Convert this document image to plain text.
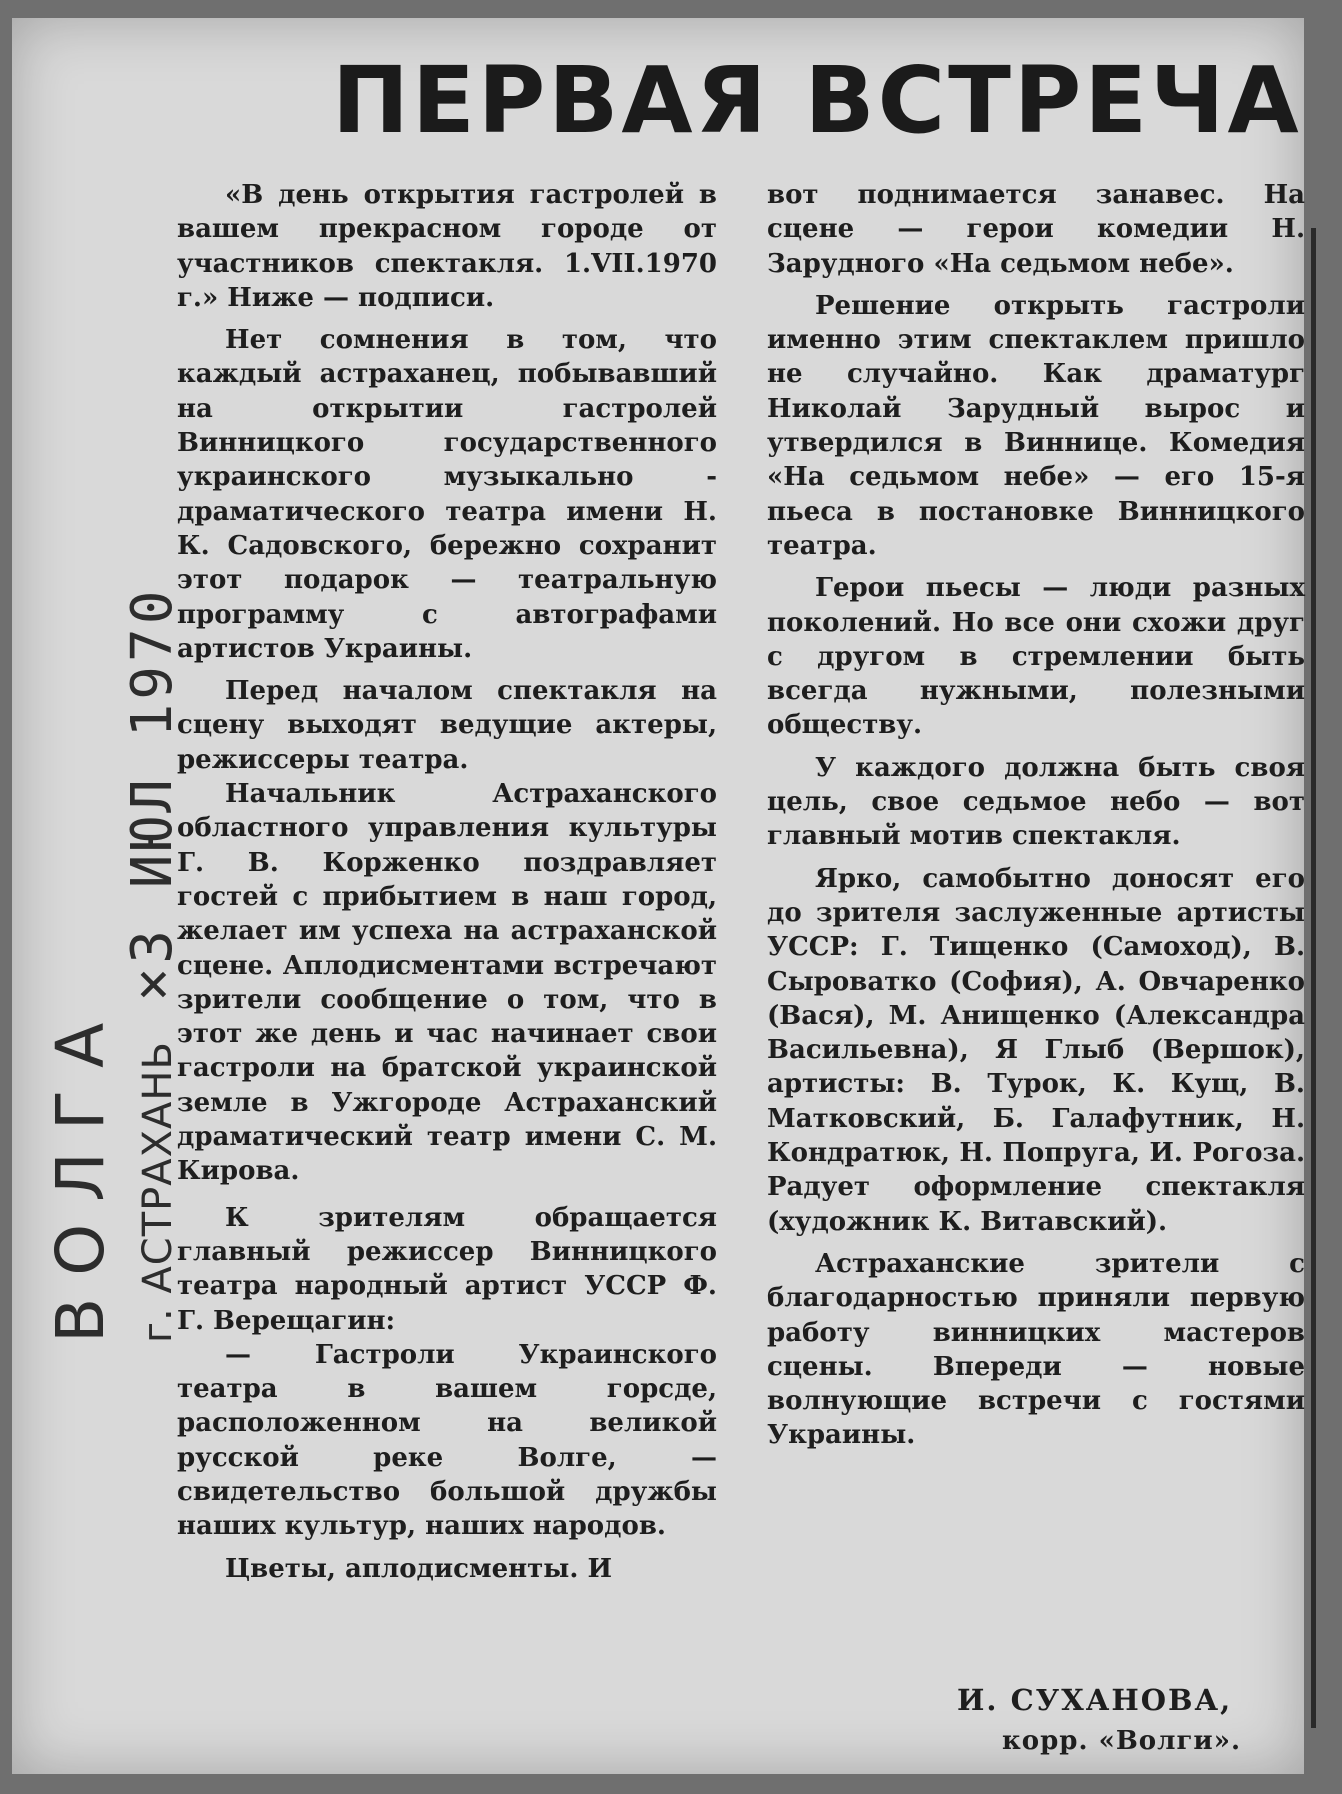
ПЕРВАЯ ВСТРЕЧА
ВОЛГА г. АСТРАХАНЬ ×3 ИЮЛ 1970

«В день открытия гастролей в вашем прекрасном городе от участников спектакля. 1.VII.1970 г.» Ниже — подписи.

Нет сомнения в том, что каждый астраханец, побывавший на открытии гастролей Винницкого государственного украинского музыкально - драматического театра имени Н. К. Садовского, бережно сохранит этот подарок — театральную программу с автографами артистов Украины.

Перед началом спектакля на сцену выходят ведущие актеры, режиссеры театра.

Начальник Астраханского областного управления культуры Г. В. Корженко поздравляет гостей с прибытием в наш город, желает им успеха на астраханской сцене. Аплодисментами встречают зрители сообщение о том, что в этот же день и час начинает свои гастроли на братской украинской земле в Ужгороде Астраханский драматический театр имени С. М. Кирова.

К зрителям обращается главный режиссер Винницкого театра народный артист УССР Ф. Г. Верещагин:

— Гастроли Украинского театра в вашем горсде, расположенном на великой русской реке Волге, — свидетельство большой дружбы наших культур, наших народов.

Цветы, аплодисменты. И

вот поднимается занавес. На сцене — герои комедии Н. Зарудного «На седьмом небе».

Решение открыть гастроли именно этим спектаклем пришло не случайно. Как драматург Николай Зарудный вырос и утвердился в Виннице. Комедия «На седьмом небе» — его 15-я пьеса в постановке Винницкого театра.

Герои пьесы — люди разных поколений. Но все они схожи друг с другом в стремлении быть всегда нужными, полезными обществу.

У каждого должна быть своя цель, свое седьмое небо — вот главный мотив спектакля.

Ярко, самобытно доносят его до зрителя заслуженные артисты УССР: Г. Тищенко (Самоход), В. Сыроватко (София), А. Овчаренко (Вася), М. Анищенко (Александра Васильевна), Я Глыб (Вершок), артисты: В. Турок, К. Кущ, В. Матковский, Б. Галафутник, Н. Кондратюк, Н. Попруга, И. Рогоза. Радует оформление спектакля (художник К. Витавский).

Астраханские зрители с благодарностью приняли первую работу винницких мастеров сцены. Впереди — новые волнующие встречи с гостями Украины.

И. СУХАНОВА,
корр. «Волги».
